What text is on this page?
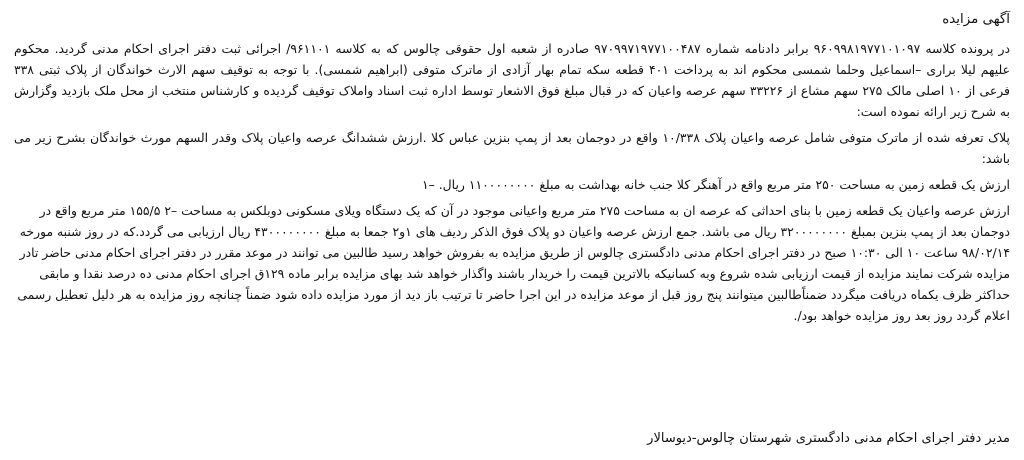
آگهی مزایده

در پرونده کلاسه ۹۶۰۹۹۸۱۹۷۷۱۰۱۰۹۷ برابر دادنامه شماره ۹۷۰۹۹۷۱۹۷۷۱۰۰۴۸۷ صادره از شعبه اول حقوقی چالوس که به کلاسه ۹۶۱۱۰۱/ اجرائی ثبت دفتر اجرای احکام مدنی گردید. محکوم علیهم لیلا براری –اسماعیل وحلما شمسی محکوم اند به پرداخت ۴۰۱ قطعه سکه تمام بهار آزادی از ماترک متوفی (ابراهیم شمسی). با توجه به توقیف سهم الارث خواندگان از پلاک ثبتی ۳۳۸ فرعی از ۱۰ اصلی مالک ۲۷۵ سهم مشاع از ۳۳۲۲۶ سهم عرصه واعیان که در قبال مبلغ فوق الاشعار توسط اداره ثبت اسناد واملاک توقیف گردیده و کارشناس منتخب از محل ملک بازدید وگزارش به شرح زیر ارائه نموده است:

پلاک تعرفه شده از ماترک متوفی شامل عرصه واعیان پلاک ۱۰/۳۳۸ واقع در دوجمان بعد از پمپ بنزین عباس کلا .ارزش ششدانگ عرصه واعیان پلاک وقدر السهم مورث خواندگان بشرح زیر می باشد:

ارزش یک قطعه زمین به مساحت ۲۵۰ متر مربع واقع در آهنگر کلا جنب خانه بهداشت به مبلغ ۱۱۰۰۰۰۰۰۰۰ ریال. –۱

ارزش عرصه واعیان یک قطعه زمین با بنای احداثی که عرصه ان به مساحت ۲۷۵ متر مربع واعیانی موجود در آن که یک دستگاه ویلای مسکونی دوبلکس به مساحت –۲ ۱۵۵/۵ متر مربع واقع در دوجمان بعد از پمپ بنزین بمبلغ ۳۲۰۰۰۰۰۰۰۰ ریال می باشد. جمع ارزش عرصه واعیان دو پلاک فوق الذکر ردیف های ۱و۲ جمعا به مبلغ ۴۳۰۰۰۰۰۰۰۰ ریال ارزیابی می گردد.که در روز شنبه مورخه ۹۸/۰۲/۱۴ ساعت ۱۰ الی ۱۰:۳۰ صبح در دفتر اجرای احکام مدنی دادگستری چالوس از طریق مزایده به بفروش خواهد رسید طالبین می توانند در موعد مقرر در دفتر اجرای احکام مدنی حاضر تادر مزایده شرکت نمایند مزایده از قیمت ارزیابی شده شروع وبه کسانیکه بالاترین قیمت را خریدار باشند واگذار خواهد شد بهای مزایده برابر ماده ۱۲۹ق اجرای احکام مدنی ده درصد نقدا و مابقی حداکثر ظرف یکماه دریافت میگردد ضمناًطالبین میتوانند پنج روز قبل از موعد مزایده در این اجرا حاضر تا ترتیب باز دید از مورد مزایده داده شود ضمناً چنانچه روز مزایده به هر دلیل تعطیل رسمی اعلام گردد روز بعد روز مزایده خواهد بود/.

مدیر دفتر اجرای احکام مدنی دادگستری شهرستان چالوس-دیوسالار
